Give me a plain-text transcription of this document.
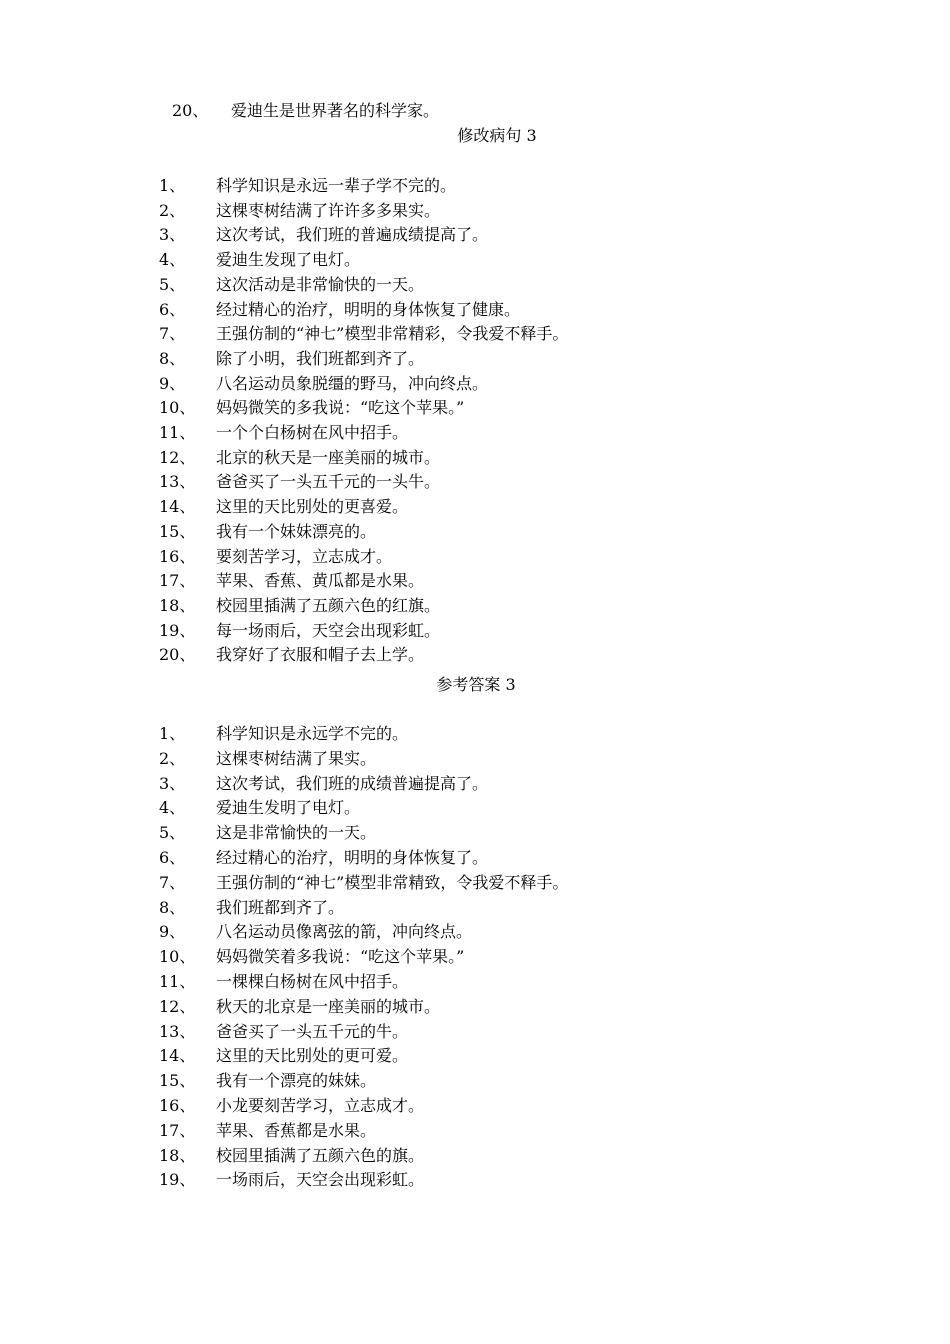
20、 爱迪生是世界著名的科学家。
修改病句 3
1、 科学知识是永远一辈子学不完的。
2、 这棵枣树结满了许许多多果实。
3、 这次考试，我们班的普遍成绩提高了。
4、 爱迪生发现了电灯。
5、 这次活动是非常愉快的一天。
6、 经过精心的治疗，明明的身体恢复了健康。
7、 王强仿制的“神七”模型非常精彩，令我爱不释手。
8、 除了小明，我们班都到齐了。
9、 八名运动员象脱缰的野马，冲向终点。
10、 妈妈微笑的多我说：“吃这个苹果。”
11、 一个个白杨树在风中招手。
12、 北京的秋天是一座美丽的城市。
13、 爸爸买了一头五千元的一头牛。
14、 这里的天比别处的更喜爱。
15、 我有一个妹妹漂亮的。
16、 要刻苦学习，立志成才。
17、 苹果、香蕉、黄瓜都是水果。
18、 校园里插满了五颜六色的红旗。
19、 每一场雨后，天空会出现彩虹。
20、 我穿好了衣服和帽子去上学。
参考答案 3
1、 科学知识是永远学不完的。
2、 这棵枣树结满了果实。
3、 这次考试，我们班的成绩普遍提高了。
4、 爱迪生发明了电灯。
5、 这是非常愉快的一天。
6、 经过精心的治疗，明明的身体恢复了。
7、 王强仿制的“神七”模型非常精致，令我爱不释手。
8、 我们班都到齐了。
9、 八名运动员像离弦的箭，冲向终点。
10、 妈妈微笑着多我说：“吃这个苹果。”
11、 一棵棵白杨树在风中招手。
12、 秋天的北京是一座美丽的城市。
13、 爸爸买了一头五千元的牛。
14、 这里的天比别处的更可爱。
15、 我有一个漂亮的妹妹。
16、 小龙要刻苦学习，立志成才。
17、 苹果、香蕉都是水果。
18、 校园里插满了五颜六色的旗。
19、 一场雨后，天空会出现彩虹。
